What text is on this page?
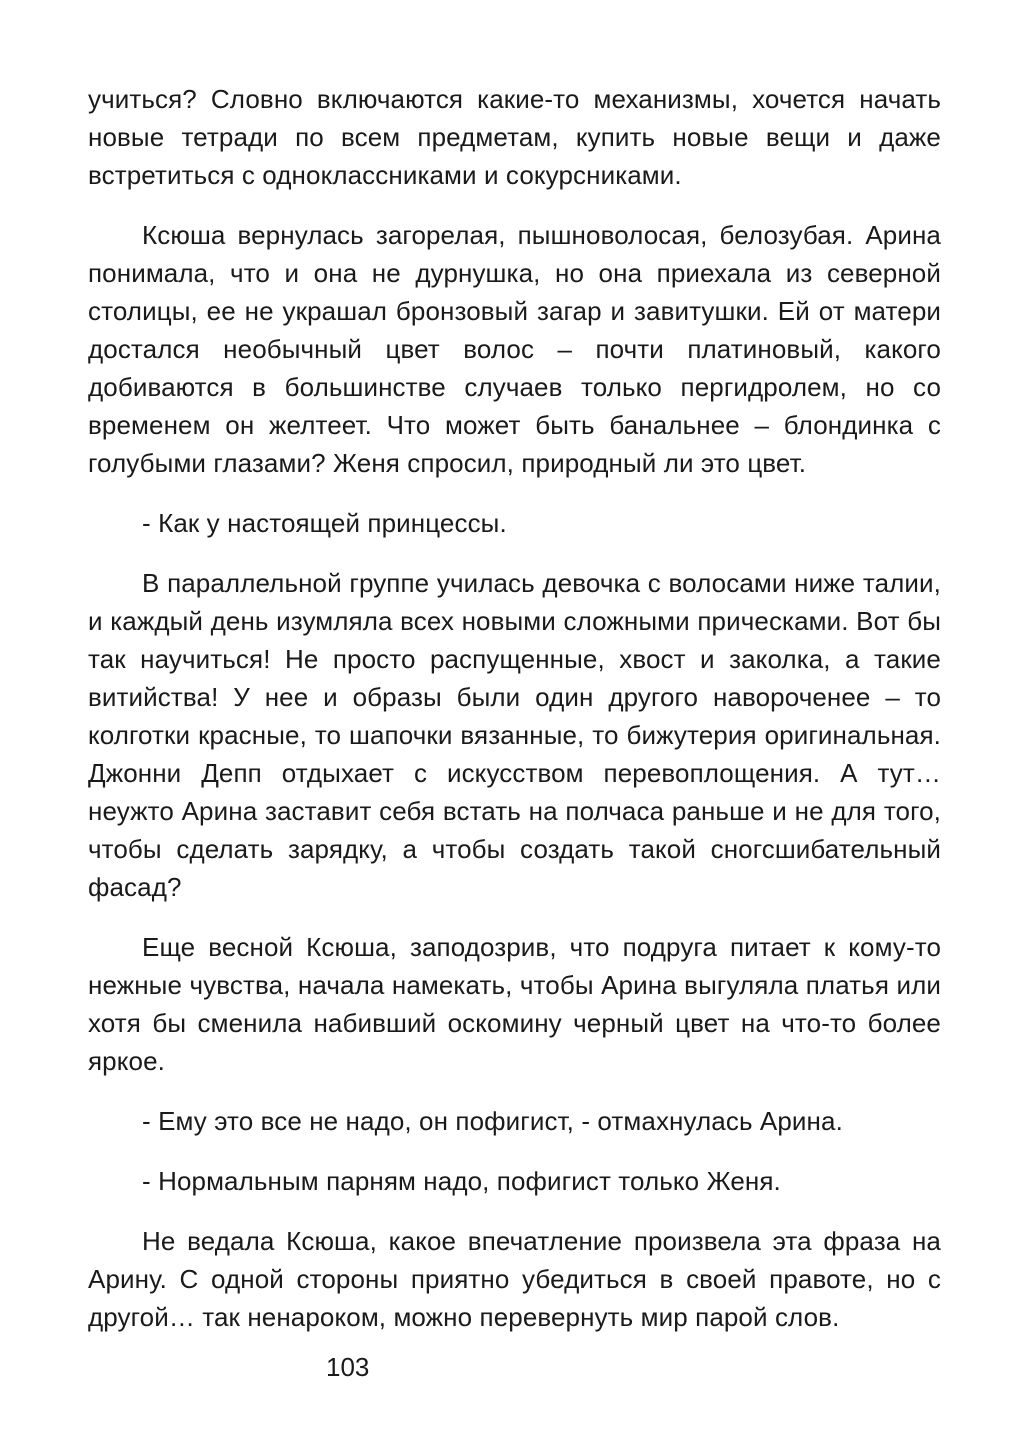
учиться? Словно включаются какие-то механизмы, хочется начать новые тетради по всем предметам, купить новые вещи и даже встретиться с одноклассниками и сокурсниками.

Ксюша вернулась загорелая, пышноволосая, белозубая. Арина понимала, что и она не дурнушка, но она приехала из северной столицы, ее не украшал бронзовый загар и завитушки. Ей от матери достался необычный цвет волос – почти платиновый, какого добиваются в большинстве случаев только пергидролем, но со временем он желтеет. Что может быть банальнее – блондинка с голубыми глазами? Женя спросил, природный ли это цвет.

- Как у настоящей принцессы.

В параллельной группе училась девочка с волосами ниже талии, и каждый день изумляла всех новыми сложными прическами. Вот бы так научиться! Не просто распущенные, хвост и заколка, а такие витийства! У нее и образы были один другого навороченее – то колготки красные, то шапочки вязанные, то бижутерия оригинальная. Джонни Депп отдыхает с искусством перевоплощения. А тут… неужто Арина заставит себя встать на полчаса раньше и не для того, чтобы сделать зарядку, а чтобы создать такой сногсшибательный фасад?

Еще весной Ксюша, заподозрив, что подруга питает к кому-то нежные чувства, начала намекать, чтобы Арина выгуляла платья или хотя бы сменила набивший оскомину черный цвет на что-то более яркое.

- Ему это все не надо, он пофигист, - отмахнулась Арина.

- Нормальным парням надо, пофигист только Женя.

Не ведала Ксюша, какое впечатление произвела эта фраза на Арину. С одной стороны приятно убедиться в своей правоте, но с другой… так ненароком, можно перевернуть мир парой слов.

103
